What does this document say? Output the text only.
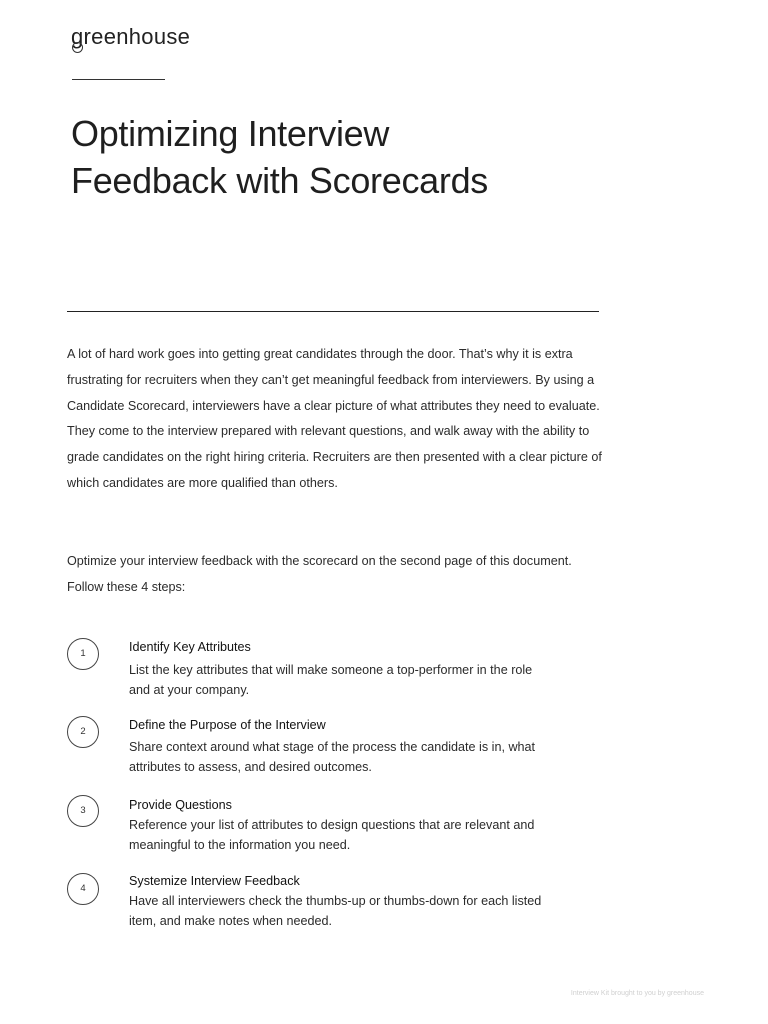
greenhouse
Optimizing Interview
Feedback with Scorecards

A lot of hard work goes into getting great candidates through the door. That’s why it is extra frustrating for recruiters when they can’t get meaningful feedback from interviewers. By using a Candidate Scorecard, interviewers have a clear picture of what attributes they need to evaluate. They come to the interview prepared with relevant questions, and walk away with the ability to grade candidates on the right hiring criteria. Recruiters are then presented with a clear picture of which candidates are more qualified than others.

Optimize your interview feedback with the scorecard on the second page of this document. Follow these 4 steps:

1	Identify Key Attributes
List the key attributes that will make someone a top-performer in the role and at your company.
2	Define the Purpose of the Interview
Share context around what stage of the process the candidate is in, what attributes to assess, and desired outcomes.
3	Provide Questions
Reference your list of attributes to design questions that are relevant and meaningful to the information you need.
4
Systemize Interview Feedback
Have all interviewers check the thumbs-up or thumbs-down for each listed item, and make notes when needed.
Interview Kit brought to you by greenhouse
